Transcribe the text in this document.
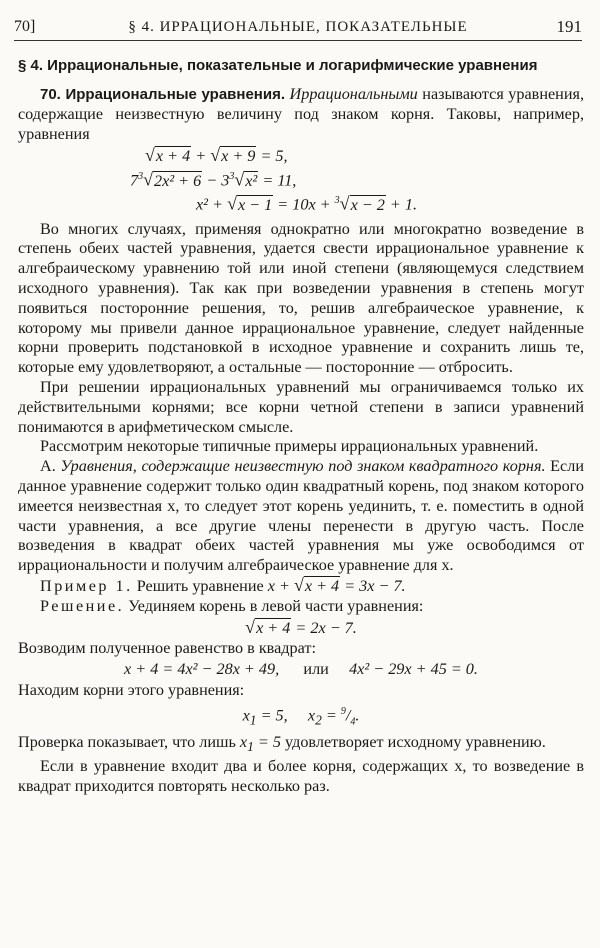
70]	§ 4. ИРРАЦИОНАЛЬНЫЕ, ПОКАЗАТЕЛЬНЫЕ	191
§ 4. Иррациональные, показательные и логарифмические уравнения

70. Иррациональные уравнения. Иррациональными называются уравнения, содержащие неизвестную величину под знаком корня. Таковы, например, уравнения

√x + 4 + √x + 9 = 5,
$7^3√2x^2 + 6 - 3^3√x^2 = 11$,
x² + √x − 1 = 10x + $^3$√x − 2 + 1.

Во многих случаях, применяя однократно или многократно возведение в степень обеих частей уравнения, удается свести иррациональное уравнение к алгебраическому уравнению той или иной степени (являющемуся следствием исходного уравнения). Так как при возведении уравнения в степень могут появиться посторонние решения, то, решив алгебраическое уравнение, к которому мы привели данное иррациональное уравнение, следует найденные корни проверить подстановкой в исходное уравнение и сохранить лишь те, которые ему удовлетворяют, а остальные — посторонние — отбросить.

При решении иррациональных уравнений мы ограничиваемся только их действительными корнями; все корни четной степени в записи уравнений понимаются в арифметическом смысле.

Рассмотрим некоторые типичные примеры иррациональных уравнений.

А. Уравнения, содержащие неизвестную под знаком квадратного корня. Если данное уравнение содержит только один квадратный корень, под знаком которого имеется неизвестная x, то следует этот корень уединить, т. е. поместить в одной части уравнения, а все другие члены перенести в другую часть. После возведения в квадрат обеих частей уравнения мы уже освободимся от иррациональности и получим алгебраическое уравнение для x.

Пример 1. Решить уравнение x + √x + 4 = 3x − 7.

Решение. Уединяем корень в левой части уравнения:

√x + 4 = 2x − 7.

Возводим полученное равенство в квадрат:

x + 4 = 4x² − 28x + 49,      или     4x² − 29x + 45 = 0.

Находим корни этого уравнения:

$x_1 = 5$,     $x_2 = ^9/_4$.

Проверка показывает, что лишь $x_1 = 5$ удовлетворяет исходному уравнению.

Если в уравнение входит два и более корня, содержащих x, то возведение в квадрат приходится повторять несколько раз.
